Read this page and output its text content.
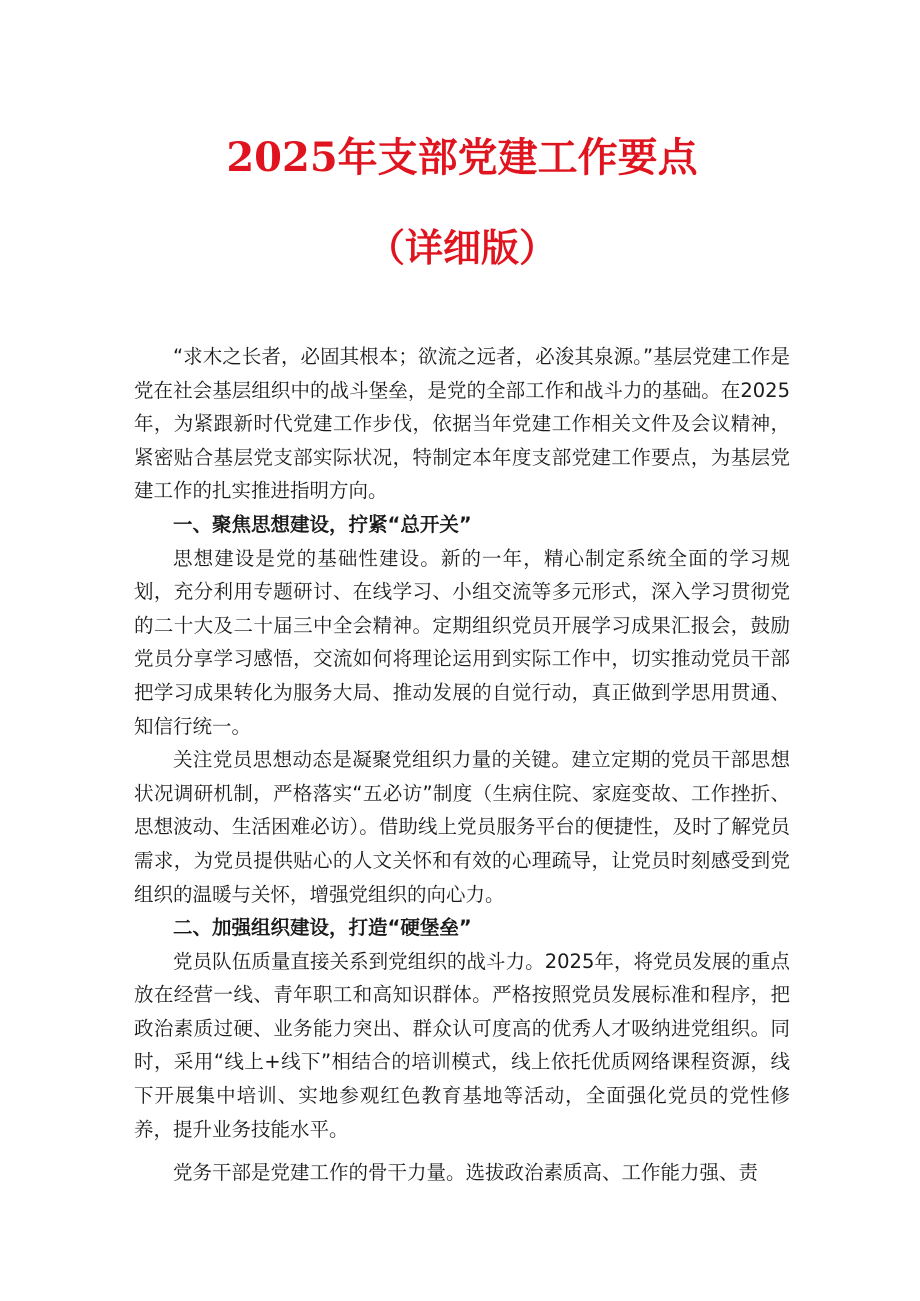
2025年支部党建工作要点
（详细版）

“求木之长者，必固其根本；欲流之远者，必浚其泉源。”基层党建工作是党在社会基层组织中的战斗堡垒，是党的全部工作和战斗力的基础。在2025年，为紧跟新时代党建工作步伐，依据当年党建工作相关文件及会议精神，紧密贴合基层党支部实际状况，特制定本年度支部党建工作要点，为基层党建工作的扎实推进指明方向。

一、聚焦思想建设，拧紧“总开关”

思想建设是党的基础性建设。新的一年，精心制定系统全面的学习规划，充分利用专题研讨、在线学习、小组交流等多元形式，深入学习贯彻党的二十大及二十届三中全会精神。定期组织党员开展学习成果汇报会，鼓励党员分享学习感悟，交流如何将理论运用到实际工作中，切实推动党员干部把学习成果转化为服务大局、推动发展的自觉行动，真正做到学思用贯通、知信行统一。

关注党员思想动态是凝聚党组织力量的关键。建立定期的党员干部思想状况调研机制，严格落实“五必访”制度（生病住院、家庭变故、工作挫折、思想波动、生活困难必访）。借助线上党员服务平台的便捷性，及时了解党员需求，为党员提供贴心的人文关怀和有效的心理疏导，让党员时刻感受到党组织的温暖与关怀，增强党组织的向心力。

二、加强组织建设，打造“硬堡垒”

党员队伍质量直接关系到党组织的战斗力。2025年，将党员发展的重点放在经营一线、青年职工和高知识群体。严格按照党员发展标准和程序，把政治素质过硬、业务能力突出、群众认可度高的优秀人才吸纳进党组织。同时，采用“线上+线下”相结合的培训模式，线上依托优质网络课程资源，线下开展集中培训、实地参观红色教育基地等活动，全面强化党员的党性修养，提升业务技能水平。

党务干部是党建工作的骨干力量。选拔政治素质高、工作能力强、责
